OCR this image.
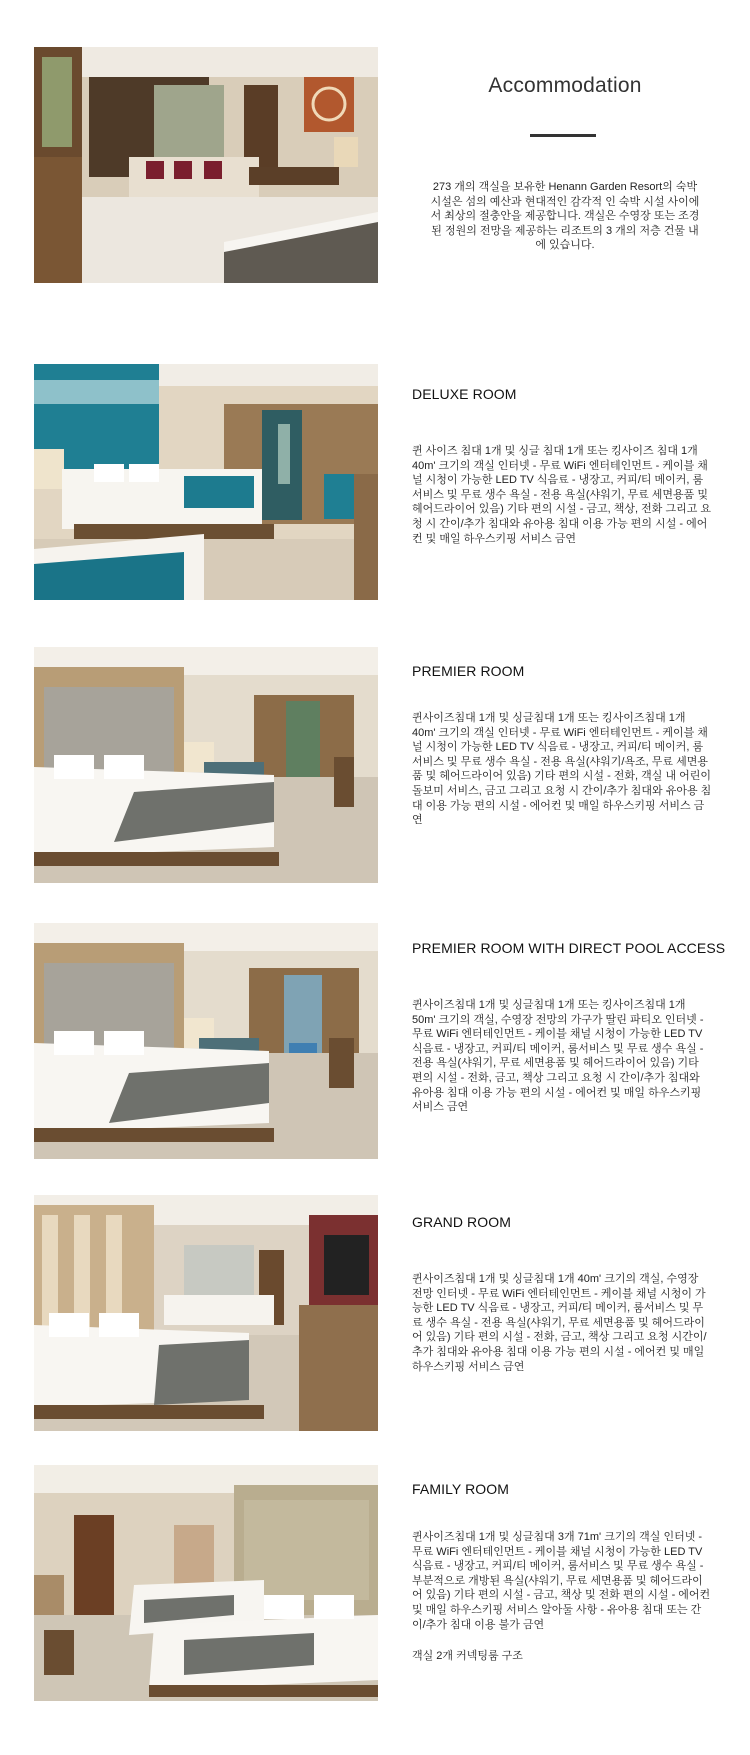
Accommodation
273 개의 객실을 보유한 Henann Garden Resort의 숙박 시설은 섬의 예산과 현대적인 감각적 인 숙박 시설 사이에서 최상의 절충안을 제공합니다. 객실은 수영장 또는 조경 된 정원의 전망을 제공하는 리조트의 3 개의 저층 건물 내에 있습니다.
DELUXE ROOM

퀸 사이즈 침대 1개 및 싱글 침대 1개 또는 킹사이즈 침대 1개 40m' 크기의 객실 인터넷 - 무료 WiFi 엔터테인먼트 - 케이블 채널 시청이 가능한 LED TV 식음료 - 냉장고, 커피/티 메이커, 룸서비스 및 무료 생수 욕실 - 전용 욕실(샤워기, 무료 세면용품 및 헤어드라이어 있음) 기타 편의 시설 - 금고, 책상, 전화 그리고 요청 시 간이/추가 침대와 유아용 침대 이용 가능 편의 시설 - 에어컨 및 매일 하우스키핑 서비스 금연

PREMIER ROOM

퀸사이즈침대 1개 및 싱글침대 1개 또는 킹사이즈침대 1개 40m' 크기의 객실 인터넷 - 무료 WiFi 엔터테인먼트 - 케이블 채널 시청이 가능한 LED TV 식음료 - 냉장고, 커피/티 메이커, 룸서비스 및 무료 생수 욕실 - 전용 욕실(샤워기/욕조, 무료 세면용품 및 헤어드라이어 있음) 기타 편의 시설 - 전화, 객실 내 어린이 돌보미 서비스, 금고 그리고 요청 시 간이/추가 침대와 유아용 침대 이용 가능 편의 시설 - 에어컨 및 매일 하우스키핑 서비스 금연

PREMIER ROOM WITH DIRECT POOL ACCESS

퀸사이즈침대 1개 및 싱글침대 1개 또는 킹사이즈침대 1개 50m' 크기의 객실, 수영장 전망의 가구가 딸린 파티오 인터넷 - 무료 WiFi 엔터테인먼트 - 케이블 채널 시청이 가능한 LED TV 식음료 - 냉장고, 커피/티 메이커, 룸서비스 및 무료 생수 욕실 - 전용 욕실(샤워기, 무료 세면용품 및 헤어드라이어 있음) 기타 편의 시설 - 전화, 금고, 책상 그리고 요청 시 간이/추가 침대와 유아용 침대 이용 가능 편의 시설 - 에어컨 및 매일 하우스키핑 서비스 금연

GRAND ROOM

퀸사이즈침대 1개 및 싱글침대 1개 40m' 크기의 객실, 수영장 전망 인터넷 - 무료 WiFi 엔터테인먼트 - 케이블 채널 시청이 가능한 LED TV 식음료 - 냉장고, 커피/티 메이커, 룸서비스 및 무료 생수 욕실 - 전용 욕실(샤워기, 무료 세면용품 및 헤어드라이어 있음) 기타 편의 시설 - 전화, 금고, 책상 그리고 요청 시간이/추가 침대와 유아용 침대 이용 가능 편의 시설 - 에어컨 및 매일 하우스키핑 서비스 금연

FAMILY ROOM

퀸사이즈침대 1개 및 싱글침대 3개 71m' 크기의 객실 인터넷 - 무료 WiFi 엔터테인먼트 - 케이블 채널 시청이 가능한 LED TV 식음료 - 냉장고, 커피/티 메이커, 룸서비스 및 무료 생수 욕실 - 부분적으로 개방된 욕실(샤워기, 무료 세면용품 및 헤어드라이어 있음) 기타 편의 시설 - 금고, 책상 및 전화 편의 시설 - 에어컨 및 매일 하우스키핑 서비스 알아둘 사항 - 유아용 침대 또는 간이/추가 침대 이용 불가 금연

객실 2개 커넥팅룸 구조
